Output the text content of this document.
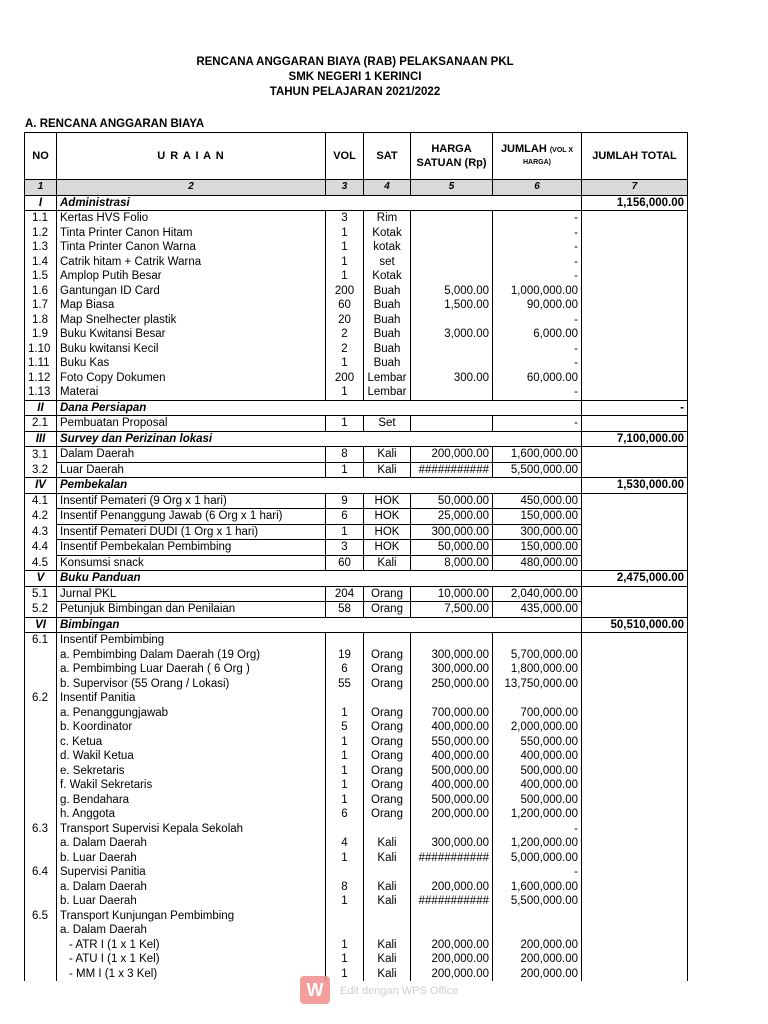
RENCANA ANGGARAN BIAYA (RAB) PELAKSANAAN PKL
SMK NEGERI 1 KERINCI
TAHUN PELAJARAN 2021/2022
A. RENCANA ANGGARAN BIAYA
NO	U R A I A N	VOL	SAT	HARGA
SATUAN (Rp)	JUMLAH (VOL X HARGA)	JUMLAH TOTAL
1	2	3	4	5	6	7
I	Administrasi					1,156,000.00
1.1	Kertas HVS Folio	3	Rim		-	
1.2	Tinta Printer Canon Hitam	1	Kotak		-	
1.3	Tinta Printer Canon Warna	1	kotak		-	
1.4	Catrik hitam + Catrik Warna	1	set		-	
1.5	Amplop Putih Besar	1	Kotak		-	
1.6	Gantungan ID Card	200	Buah	5,000.00	1,000,000.00	
1.7	Map Biasa	60	Buah	1,500.00	90,000.00	
1.8	Map Snelhecter plastik	20	Buah		-	
1.9	Buku Kwitansi Besar	2	Buah	3,000.00	6,000.00	
1.10	Buku kwitansi Kecil	2	Buah		-	
1.11	Buku Kas	1	Buah		-	
1.12	Foto Copy Dokumen	200	Lembar	300.00	60,000.00	
1.13	Materai	1	Lembar		-	
II	Dana Persiapan					-
2.1	Pembuatan Proposal	1	Set		-	
III	Survey dan Perizinan lokasi					7,100,000.00
3.1	Dalam Daerah	8	Kali	200,000.00	1,600,000.00	
3.2	Luar Daerah	1	Kali	###########	5,500,000.00	
IV	Pembekalan					1,530,000.00
4.1	Insentif Pemateri (9 Org x 1 hari)	9	HOK	50,000.00	450,000.00	
4.2	Insentif Penanggung Jawab (6 Org x 1 hari)	6	HOK	25,000.00	150,000.00	
4.3	Insentif Pemateri DUDI (1 Org x 1 hari)	1	HOK	300,000.00	300,000.00	
4.4	Insentif Pembekalan Pembimbing	3	HOK	50,000.00	150,000.00	
4.5	Konsumsi snack	60	Kali	8,000.00	480,000.00	
V	Buku Panduan					2,475,000.00
5.1	Jurnal PKL	204	Orang	10,000.00	2,040,000.00	
5.2	Petunjuk Bimbingan dan Penilaian	58	Orang	7,500.00	435,000.00	
VI	Bimbingan					50,510,000.00
6.1	Insentif Pembimbing					
	a. Pembimbing Dalam Daerah (19 Org)	19	Orang	300,000.00	5,700,000.00	
	a. Pembimbing Luar Daerah ( 6 Org )	6	Orang	300,000.00	1,800,000.00	
	b. Supervisor (55 Orang / Lokasi)	55	Orang	250,000.00	13,750,000.00	
6.2	Insentif Panitia					
	a. Penanggungjawab	1	Orang	700,000.00	700,000.00	
	b. Koordinator	5	Orang	400,000.00	2,000,000.00	
	c. Ketua	1	Orang	550,000.00	550,000.00	
	d. Wakil Ketua	1	Orang	400,000.00	400,000.00	
	e. Sekretaris	1	Orang	500,000.00	500,000.00	
	f. Wakil Sekretaris	1	Orang	400,000.00	400,000.00	
	g. Bendahara	1	Orang	500,000.00	500,000.00	
	h. Anggota	6	Orang	200,000.00	1,200,000.00	
6.3	Transport Supervisi Kepala Sekolah				-	
	a. Dalam Daerah	4	Kali	300,000.00	1,200,000.00	
	b. Luar Daerah	1	Kali	###########	5,000,000.00	
6.4	Supervisi Panitia				-	
	a. Dalam Daerah	8	Kali	200,000.00	1,600,000.00	
	b. Luar Daerah	1	Kali	###########	5,500,000.00	
6.5	Transport Kunjungan Pembimbing					
	a. Dalam Daerah					
	- ATR I (1 x 1 Kel)	1	Kali	200,000.00	200,000.00	
	- ATU I (1 x 1 Kel)	1	Kali	200,000.00	200,000.00	
	- MM I (1 x 3 Kel)	1	Kali	200,000.00	200,000.00	
W	Edit dengan WPS Office
